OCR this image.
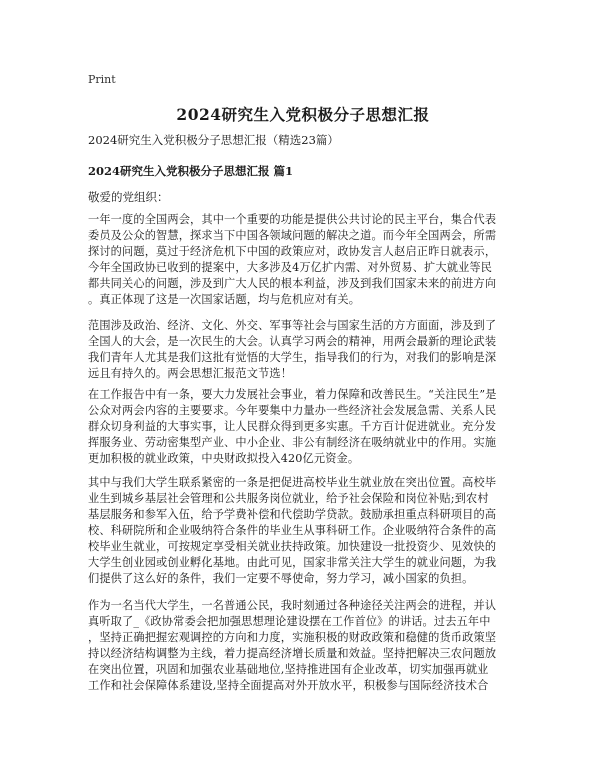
Print
2024研究生入党积极分子思想汇报
2024研究生入党积极分子思想汇报（精选23篇）
2024研究生入党积极分子思想汇报 篇1
敬爱的党组织：
一年一度的全国两会，其中一个重要的功能是提供公共讨论的民主平台，集合代表
委员及公众的智慧，探求当下中国各领域问题的解决之道。而今年全国两会，所需
探讨的问题，莫过于经济危机下中国的政策应对，政协发言人赵启正昨日就表示，
今年全国政协已收到的提案中，大多涉及4万亿扩内需、对外贸易、扩大就业等民
都共同关心的问题，涉及到广大人民的根本利益，涉及到我们国家未来的前进方向
。真正体现了这是一次国家话题，均与危机应对有关。
范围涉及政治、经济、文化、外交、军事等社会与国家生活的方方面面，涉及到了
全国人的大会，是一次民生的大会。认真学习两会的精神，用两会最新的理论武装
我们青年人尤其是我们这批有觉悟的大学生，指导我们的行为，对我们的影响是深
远且有持久的。两会思想汇报范文节选！
在工作报告中有一条，要大力发展社会事业，着力保障和改善民生。“关注民生”是
公众对两会内容的主要要求。今年要集中力量办一些经济社会发展急需、关系人民
群众切身利益的大事实事，让人民群众得到更多实惠。千方百计促进就业。充分发
挥服务业、劳动密集型产业、中小企业、非公有制经济在吸纳就业中的作用。实施
更加积极的就业政策，中央财政拟投入420亿元资金。
其中与我们大学生联系紧密的一条是把促进高校毕业生就业放在突出位置。高校毕
业生到城乡基层社会管理和公共服务岗位就业，给予社会保险和岗位补贴;到农村
基层服务和参军入伍，给予学费补偿和代偿助学贷款。鼓励承担重点科研项目的高
校、科研院所和企业吸纳符合条件的毕业生从事科研工作。企业吸纳符合条件的高
校毕业生就业，可按规定享受相关就业扶持政策。加快建设一批投资少、见效快的
大学生创业园或创业孵化基地。由此可见，国家非常关注大学生的就业问题，为我
们提供了这么好的条件，我们一定要不辱使命，努力学习，减小国家的负担。
作为一名当代大学生，一名普通公民，我时刻通过各种途径关注两会的进程，并认
真听取了_《政协常委会把加强思想理论建设摆在工作首位》的讲话。过去五年中
，坚持正确把握宏观调控的方向和力度，实施积极的财政政策和稳健的货币政策坚
持以经济结构调整为主线，着力提高经济增长质量和效益。坚持把解决三农问题放
在突出位置，巩固和加强农业基础地位,坚持推进国有企业改革，切实加强再就业
工作和社会保障体系建设,坚持全面提高对外开放水平，积极参与国际经济技术合
